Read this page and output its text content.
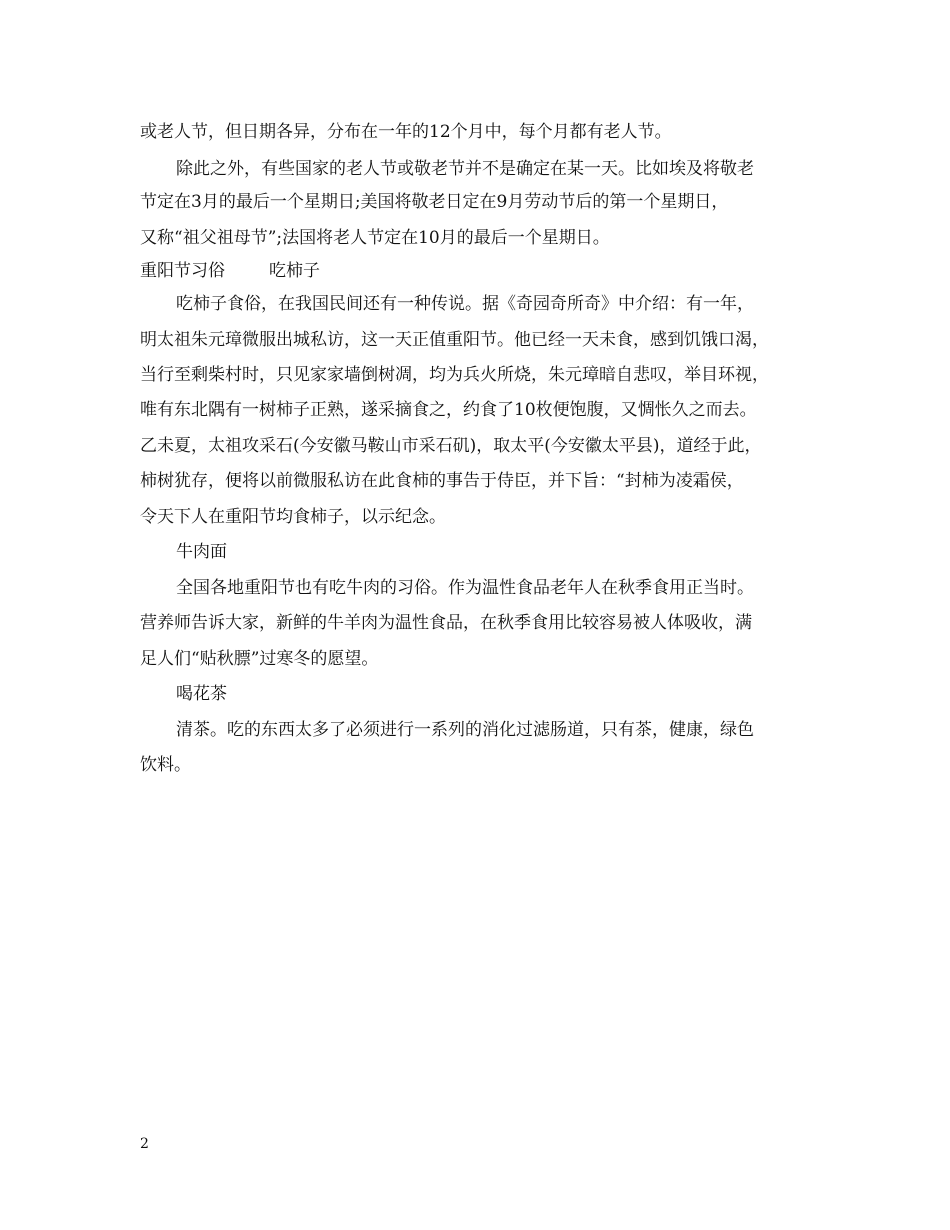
或老人节，但日期各异，分布在一年的12个月中，每个月都有老人节。
除此之外，有些国家的老人节或敬老节并不是确定在某一天。比如埃及将敬老
节定在3月的最后一个星期日;美国将敬老日定在9月劳动节后的第一个星期日，
又称“祖父祖母节”;法国将老人节定在10月的最后一个星期日。
重阳节习俗	吃柿子
吃柿子食俗，在我国民间还有一种传说。据《奇园奇所奇》中介绍：有一年，
明太祖朱元璋微服出城私访，这一天正值重阳节。他已经一天未食，感到饥饿口渴，
当行至剩柴村时，只见家家墙倒树凋，均为兵火所烧，朱元璋暗自悲叹，举目环视，
唯有东北隅有一树柿子正熟，遂采摘食之，约食了10枚便饱腹，又惆怅久之而去。
乙未夏，太祖攻采石(今安徽马鞍山市采石矶)，取太平(今安徽太平县)，道经于此，
柿树犹存，便将以前微服私访在此食柿的事告于侍臣，并下旨：“封柿为凌霜侯，
令天下人在重阳节均食柿子，以示纪念。
牛肉面
全国各地重阳节也有吃牛肉的习俗。作为温性食品老年人在秋季食用正当时。
营养师告诉大家，新鲜的牛羊肉为温性食品，在秋季食用比较容易被人体吸收，满
足人们“贴秋膘”过寒冬的愿望。
喝花茶
清茶。吃的东西太多了必须进行一系列的消化过滤肠道，只有茶，健康，绿色
饮料。
2
